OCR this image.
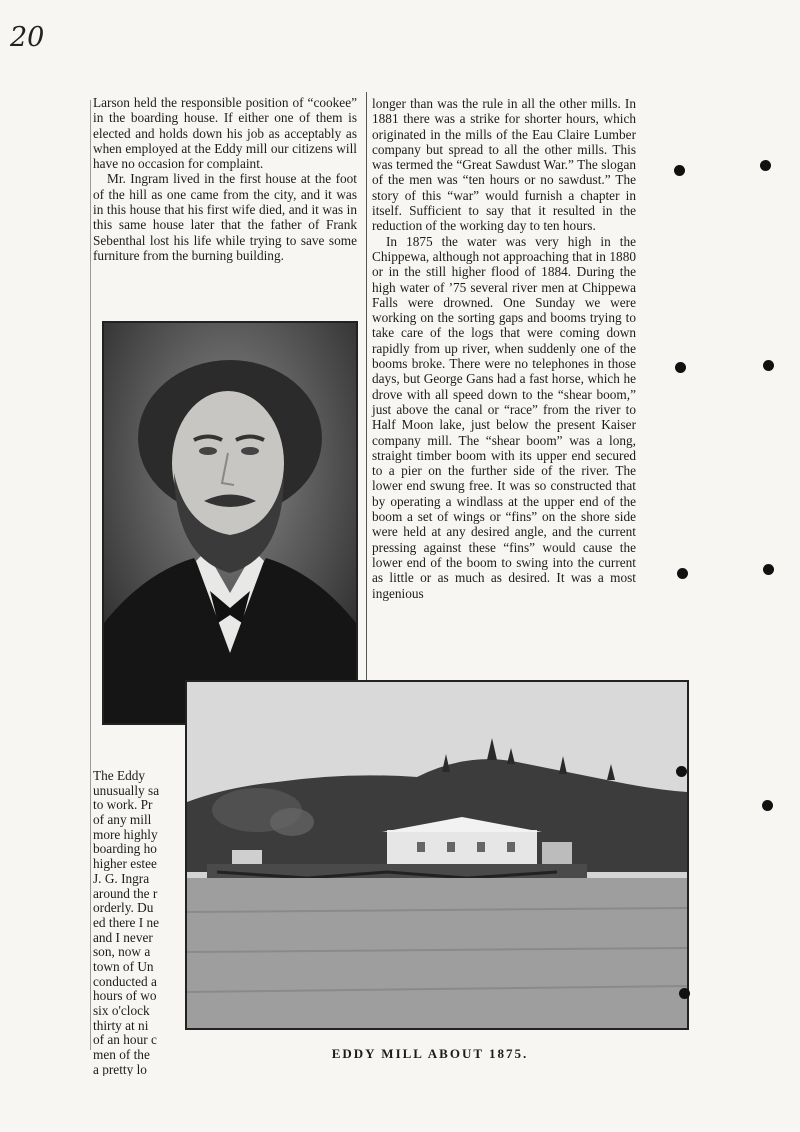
20

Larson held the responsible position of “cookee” in the boarding house. If either one of them is elected and holds down his job as acceptably as when employed at the Eddy mill our citizens will have no occasion for complaint.

Mr. Ingram lived in the first house at the foot of the hill as one came from the city, and it was in this house that his first wife died, and it was in this same house later that the father of Frank Sebenthal lost his life while trying to save some furniture from the burning building.

longer than was the rule in all the other mills. In 1881 there was a strike for shorter hours, which originated in the mills of the Eau Claire Lumber company but spread to all the other mills. This was termed the “Great Sawdust War.” The slogan of the men was “ten hours or no sawdust.” The story of this “war” would furnish a chapter in itself. Sufficient to say that it resulted in the reduction of the working day to ten hours.

In 1875 the water was very high in the Chippewa, although not approaching that in 1880 or in the still higher flood of 1884. During the high water of ’75 several river men at Chippewa Falls were drowned. One Sunday we were working on the sorting gaps and booms trying to take care of the logs that were coming down rapidly from up river, when suddenly one of the booms broke. There were no telephones in those days, but George Gans had a fast horse, which he drove with all speed down to the “shear boom,” just above the canal or “race” from the river to Half Moon lake, just below the present Kaiser company mill. The “shear boom” was a long, straight timber boom with its upper end secured to a pier on the further side of the river. The lower end swung free. It was so constructed that by operating a windlass at the upper end of the boom a set of wings or “fins” on the shore side were held at any desired angle, and the current pressing against these “fins” would cause the lower end of the boom to swing into the current as little or as much as desired. It was a most ingenious

EDDY MILL ABOUT 1875.
The Eddy
unusually sa
to work. Pr
of any mill
more highly
boarding ho
higher estee
J. G. Ingra
around the r
orderly. Du
ed there I ne
and I never
son, now a
town of Un
conducted a
hours of wo
six o'clock
thirty at ni
of an hour c
men of the
a pretty lo
